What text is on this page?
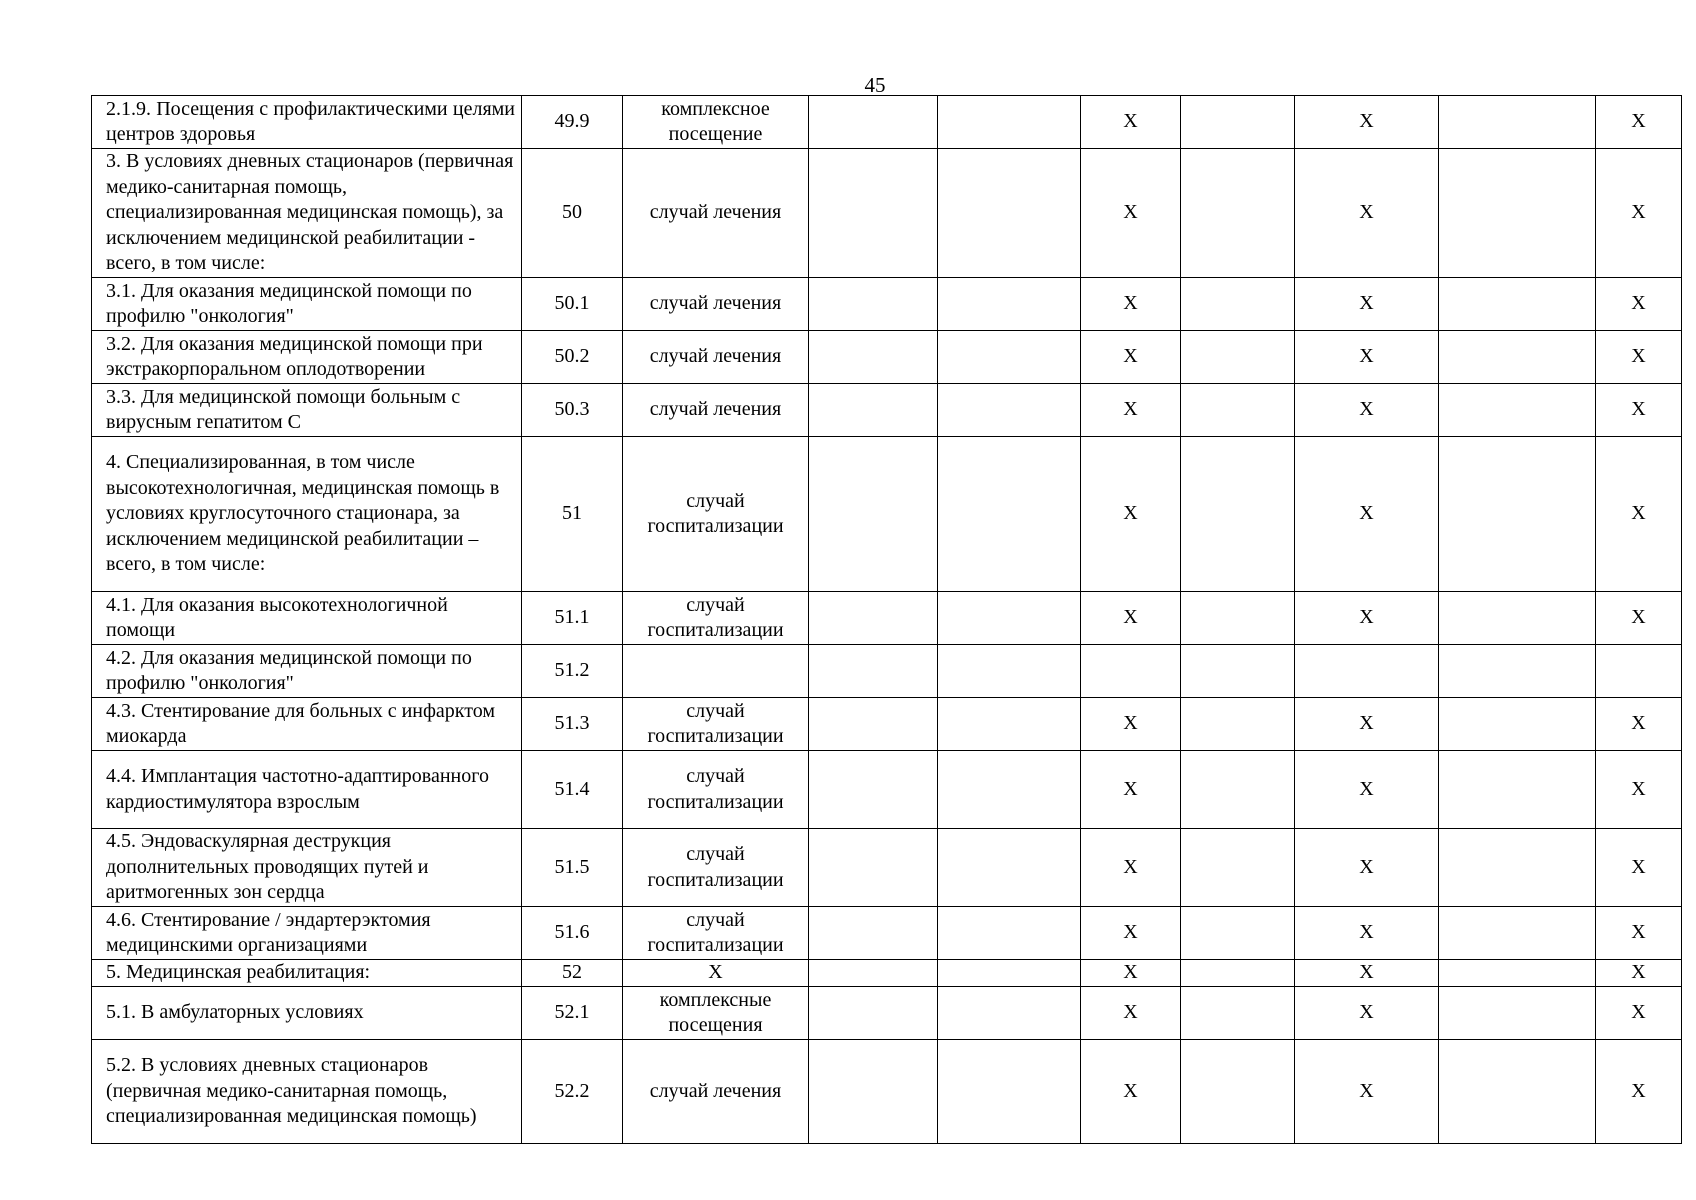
45
2.1.9. Посещения с профилактическими целями центров здоровья	49.9	комплексное посещение			X		X		X
3. В условиях дневных стационаров (первичная медико-санитарная помощь, специализированная медицинская помощь), за исключением медицинской реабилитации - всего, в том числе:	50	случай лечения			X		X		X
3.1. Для оказания медицинской помощи по профилю "онкология"	50.1	случай лечения			X		X		X
3.2. Для оказания медицинской помощи при экстракорпоральном оплодотворении	50.2	случай лечения			X		X		X
3.3. Для медицинской помощи больным с вирусным гепатитом С	50.3	случай лечения			X		X		X
4. Специализированная, в том числе высокотехнологичная, медицинская помощь в условиях круглосуточного стационара, за исключением медицинской реабилитации – всего, в том числе:	51	случай госпитализации			X		X		X
4.1. Для оказания высокотехнологичной помощи	51.1	случай госпитализации			X		X		X
4.2. Для оказания медицинской помощи по профилю "онкология"	51.2								
4.3. Стентирование для больных с инфарктом миокарда	51.3	случай госпитализации			X		X		X
4.4. Имплантация частотно-адаптированного кардиостимулятора взрослым	51.4	случай госпитализации			X		X		X
4.5. Эндоваскулярная деструкция дополнительных проводящих путей и аритмогенных зон сердца	51.5	случай госпитализации			X		X		X
4.6. Стентирование / эндартерэктомия медицинскими организациями	51.6	случай госпитализации			X		X		X
5. Медицинская реабилитация:	52	X			X		X		X
5.1. В амбулаторных условиях	52.1	комплексные посещения			X		X		X
5.2. В условиях дневных стационаров (первичная медико-санитарная помощь, специализированная медицинская помощь)	52.2	случай лечения			X		X		X
